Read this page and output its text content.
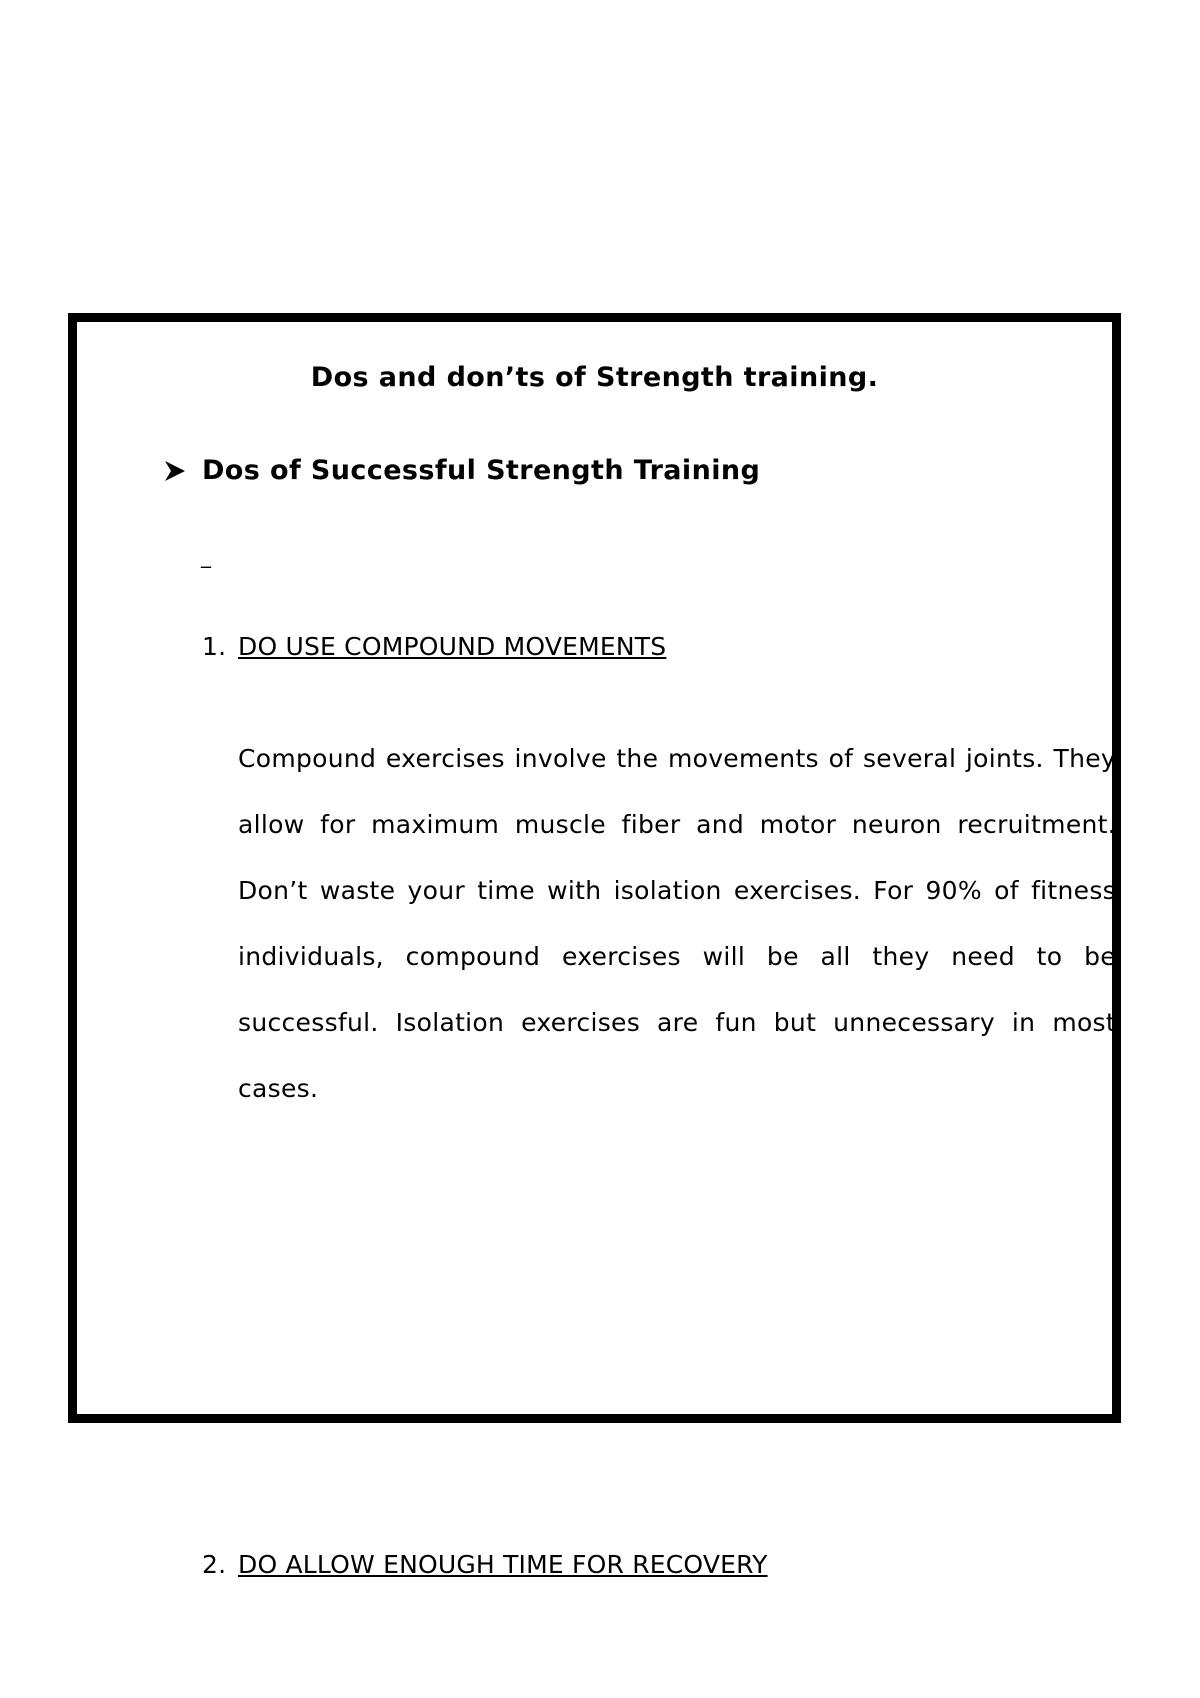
Dos and don’ts of Strength training.
Dos of Successful Strength Training
_
1. DO USE COMPOUND MOVEMENTS
Compound exercises involve the movements of several joints. They allow for maximum muscle fiber and motor neuron recruitment. Don’t waste your time with isolation exercises. For 90% of fitness individuals, compound exercises will be all they need to be successful. Isolation exercises are fun but unnecessary in most cases.
2. DO ALLOW ENOUGH TIME FOR RECOVERY
